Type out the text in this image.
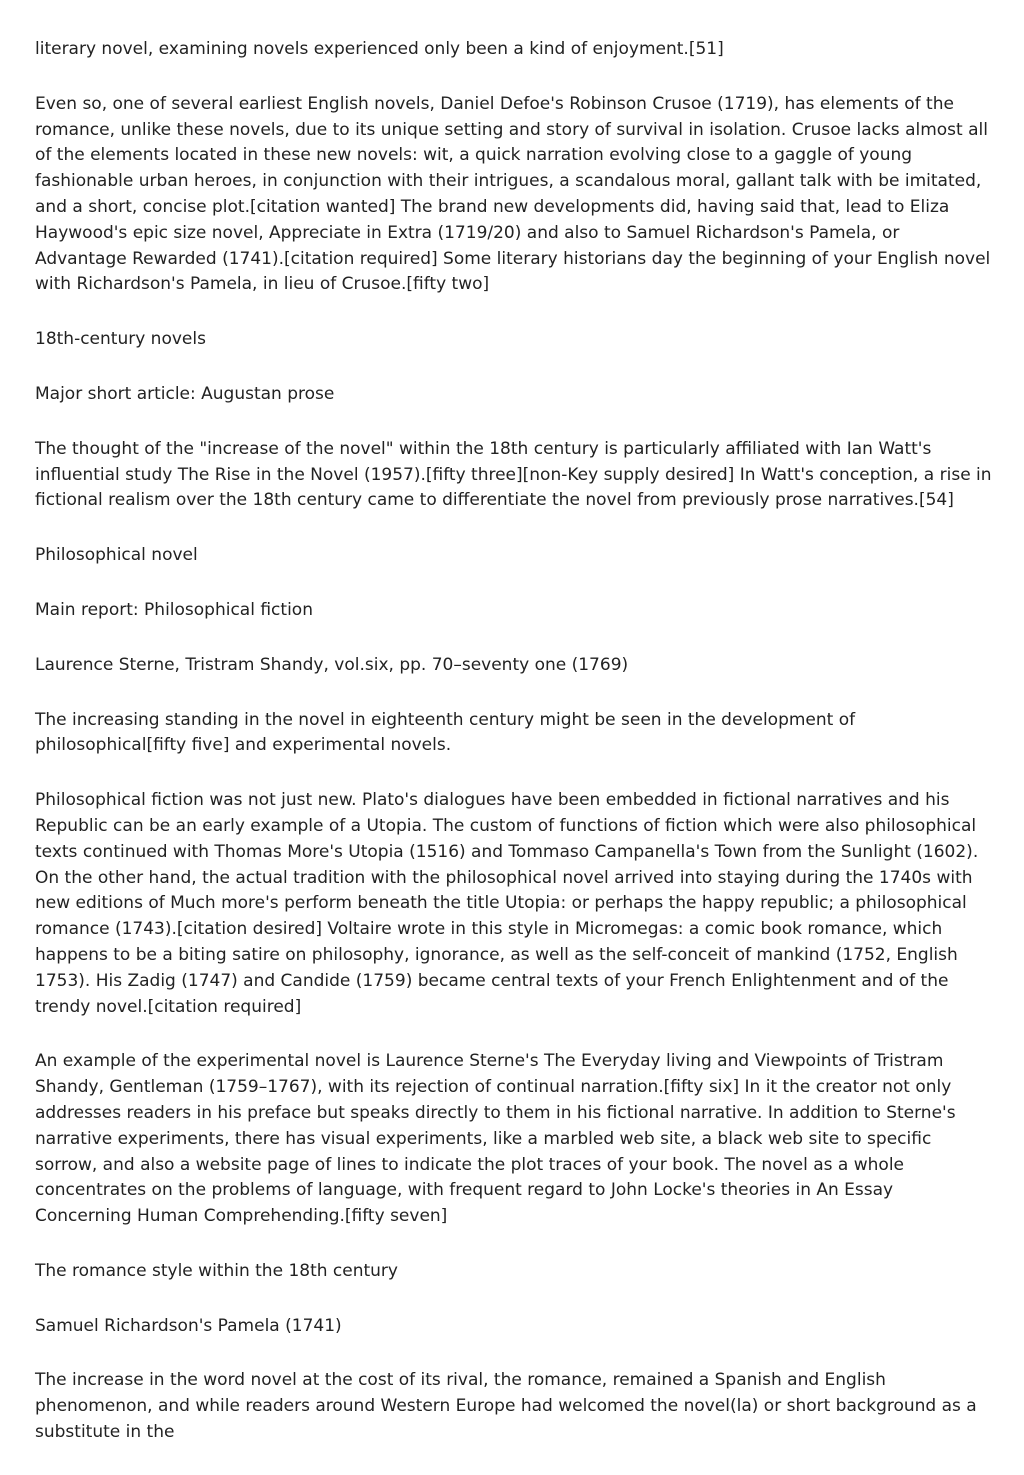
literary novel, examining novels experienced only been a kind of enjoyment.[51]

Even so, one of several earliest English novels, Daniel Defoe's Robinson Crusoe (1719), has elements of the romance, unlike these novels, due to its unique setting and story of survival in isolation. Crusoe lacks almost all of the elements located in these new novels: wit, a quick narration evolving close to a gaggle of young fashionable urban heroes, in conjunction with their intrigues, a scandalous moral, gallant talk with be imitated, and a short, concise plot.[citation wanted] The brand new developments did, having said that, lead to Eliza Haywood's epic size novel, Appreciate in Extra (1719/20) and also to Samuel Richardson's Pamela, or Advantage Rewarded (1741).[citation required] Some literary historians day the beginning of your English novel with Richardson's Pamela, in lieu of Crusoe.[fifty two]

18th-century novels

Major short article: Augustan prose

The thought of the "increase of the novel" within the 18th century is particularly affiliated with Ian Watt's influential study The Rise in the Novel (1957).[fifty three][non-Key supply desired] In Watt's conception, a rise in fictional realism over the 18th century came to differentiate the novel from previously prose narratives.[54]

Philosophical novel

Main report: Philosophical fiction

Laurence Sterne, Tristram Shandy, vol.six, pp. 70–seventy one (1769)

The increasing standing in the novel in eighteenth century might be seen in the development of philosophical[fifty five] and experimental novels.

Philosophical fiction was not just new. Plato's dialogues have been embedded in fictional narratives and his Republic can be an early example of a Utopia. The custom of functions of fiction which were also philosophical texts continued with Thomas More's Utopia (1516) and Tommaso Campanella's Town from the Sunlight (1602). On the other hand, the actual tradition with the philosophical novel arrived into staying during the 1740s with new editions of Much more's perform beneath the title Utopia: or perhaps the happy republic; a philosophical romance (1743).[citation desired] Voltaire wrote in this style in Micromegas: a comic book romance, which happens to be a biting satire on philosophy, ignorance, as well as the self-conceit of mankind (1752, English 1753). His Zadig (1747) and Candide (1759) became central texts of your French Enlightenment and of the trendy novel.[citation required]

An example of the experimental novel is Laurence Sterne's The Everyday living and Viewpoints of Tristram Shandy, Gentleman (1759–1767), with its rejection of continual narration.[fifty six] In it the creator not only addresses readers in his preface but speaks directly to them in his fictional narrative. In addition to Sterne's narrative experiments, there has visual experiments, like a marbled web site, a black web site to specific sorrow, and also a website page of lines to indicate the plot traces of your book. The novel as a whole concentrates on the problems of language, with frequent regard to John Locke's theories in An Essay Concerning Human Comprehending.[fifty seven]

The romance style within the 18th century

Samuel Richardson's Pamela (1741)

The increase in the word novel at the cost of its rival, the romance, remained a Spanish and English phenomenon, and while readers around Western Europe had welcomed the novel(la) or short background as a substitute in the
